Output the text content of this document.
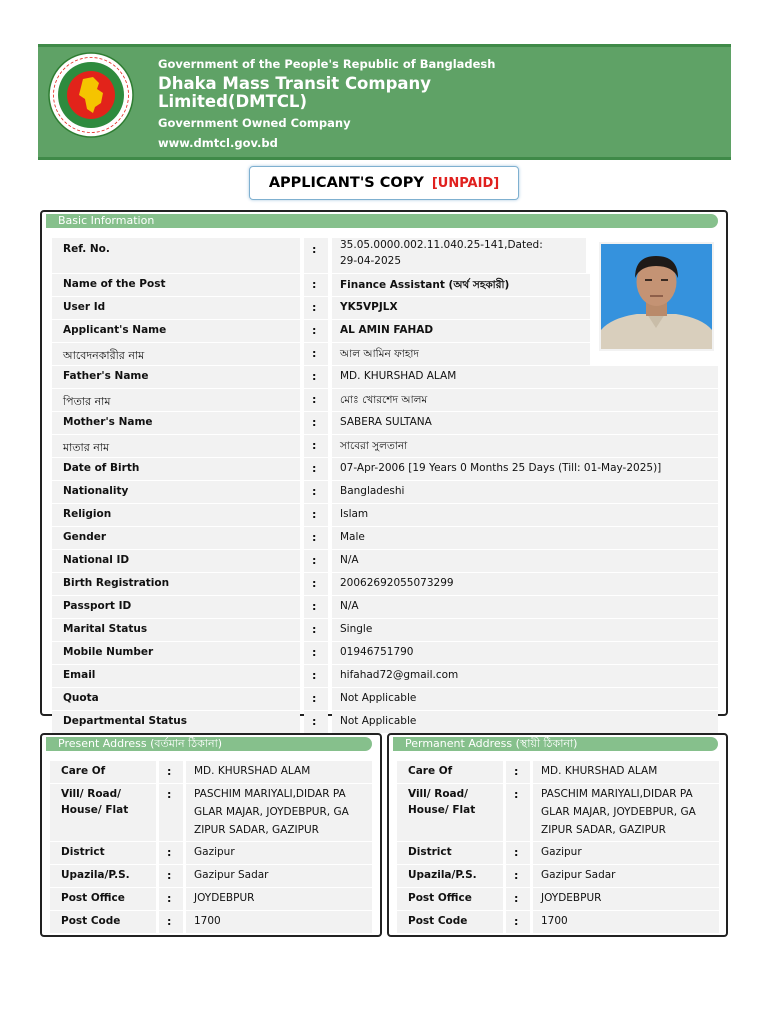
Government of the People's Republic of Bangladesh
Dhaka Mass Transit Company
Limited(DMTCL)
Government Owned Company
www.dmtcl.gov.bd
APPLICANT'S COPY [UNPAID]
Basic Information
Ref. No.	: 35.05.0000.002.11.040.25-141,Dated:
29-04-2025
Name of the Post	: Finance Assistant (অর্থ সহকারী)
User Id	: YK5VPJLX
Applicant's Name	: AL AMIN FAHAD
আবেদনকারীর নাম	: আল আমিন ফাহাদ
Father's Name	: MD. KHURSHAD ALAM
পিতার নাম	: মোঃ খোরশেদ আলম
Mother's Name	: SABERA SULTANA
মাতার নাম	: সাবেরা সুলতানা
Date of Birth	: 07-Apr-2006 [19 Years 0 Months 25 Days (Till: 01-May-2025)]
Nationality	: Bangladeshi
Religion	: Islam
Gender	: Male
National ID	: N/A
Birth Registration	: 20062692055073299
Passport ID	: N/A
Marital Status	: Single
Mobile Number	: 01946751790
Email	: hifahad72@gmail.com
Quota	: Not Applicable
Departmental Status	: Not Applicable
Present Address (বর্তমান ঠিকানা)
Care Of	: MD. KHURSHAD ALAM
Vill/ Road/
House/ Flat
: PASCHIM MARIYALI,DIDAR PA
GLAR MAJAR, JOYDEBPUR, GA
ZIPUR SADAR, GAZIPUR
District	: Gazipur
Upazila/P.S.	: Gazipur Sadar
Post Office	: JOYDEBPUR
Post Code	: 1700
Permanent Address (স্থায়ী ঠিকানা)
Care Of	: MD. KHURSHAD ALAM
Vill/ Road/
House/ Flat
: PASCHIM MARIYALI,DIDAR PA
GLAR MAJAR, JOYDEBPUR, GA
ZIPUR SADAR, GAZIPUR
District	: Gazipur
Upazila/P.S.	: Gazipur Sadar
Post Office	: JOYDEBPUR
Post Code	: 1700
